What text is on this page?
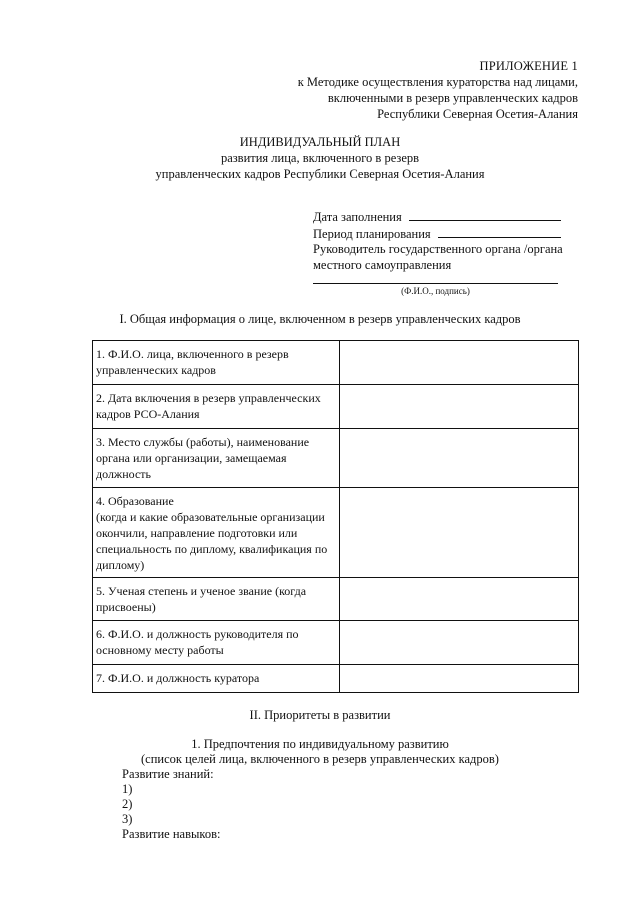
ПРИЛОЖЕНИЕ 1
к Методике осуществления кураторства над лицами,
включенными в резерв управленческих кадров
Республики Северная Осетия-Алания
ИНДИВИДУАЛЬНЫЙ ПЛАН
развития лица, включенного в резерв
управленческих кадров Республики Северная Осетия-Алания
Дата заполнения
Период планирования
Руководитель государственного органа /органа
местного самоуправления
(Ф.И.О., подпись)
I. Общая информация о лице, включенном в резерв управленческих кадров
1. Ф.И.О. лица, включенного в резерв управленческих кадров	
2. Дата включения в резерв управленческих кадров РСО-Алания	
3. Место службы (работы), наименование органа или организации, замещаемая должность	
4. Образование
(когда и какие образовательные организации окончили, направление подготовки или специальность по диплому, квалификация по диплому)	
5. Ученая степень и ученое звание (когда присвоены)	
6. Ф.И.О. и должность руководителя по основному месту работы	
7. Ф.И.О. и должность куратора	
II. Приоритеты в развитии
1. Предпочтения по индивидуальному развитию
(список целей лица, включенного в резерв управленческих кадров)
Развитие знаний:
1)
2)
3)
Развитие навыков:
